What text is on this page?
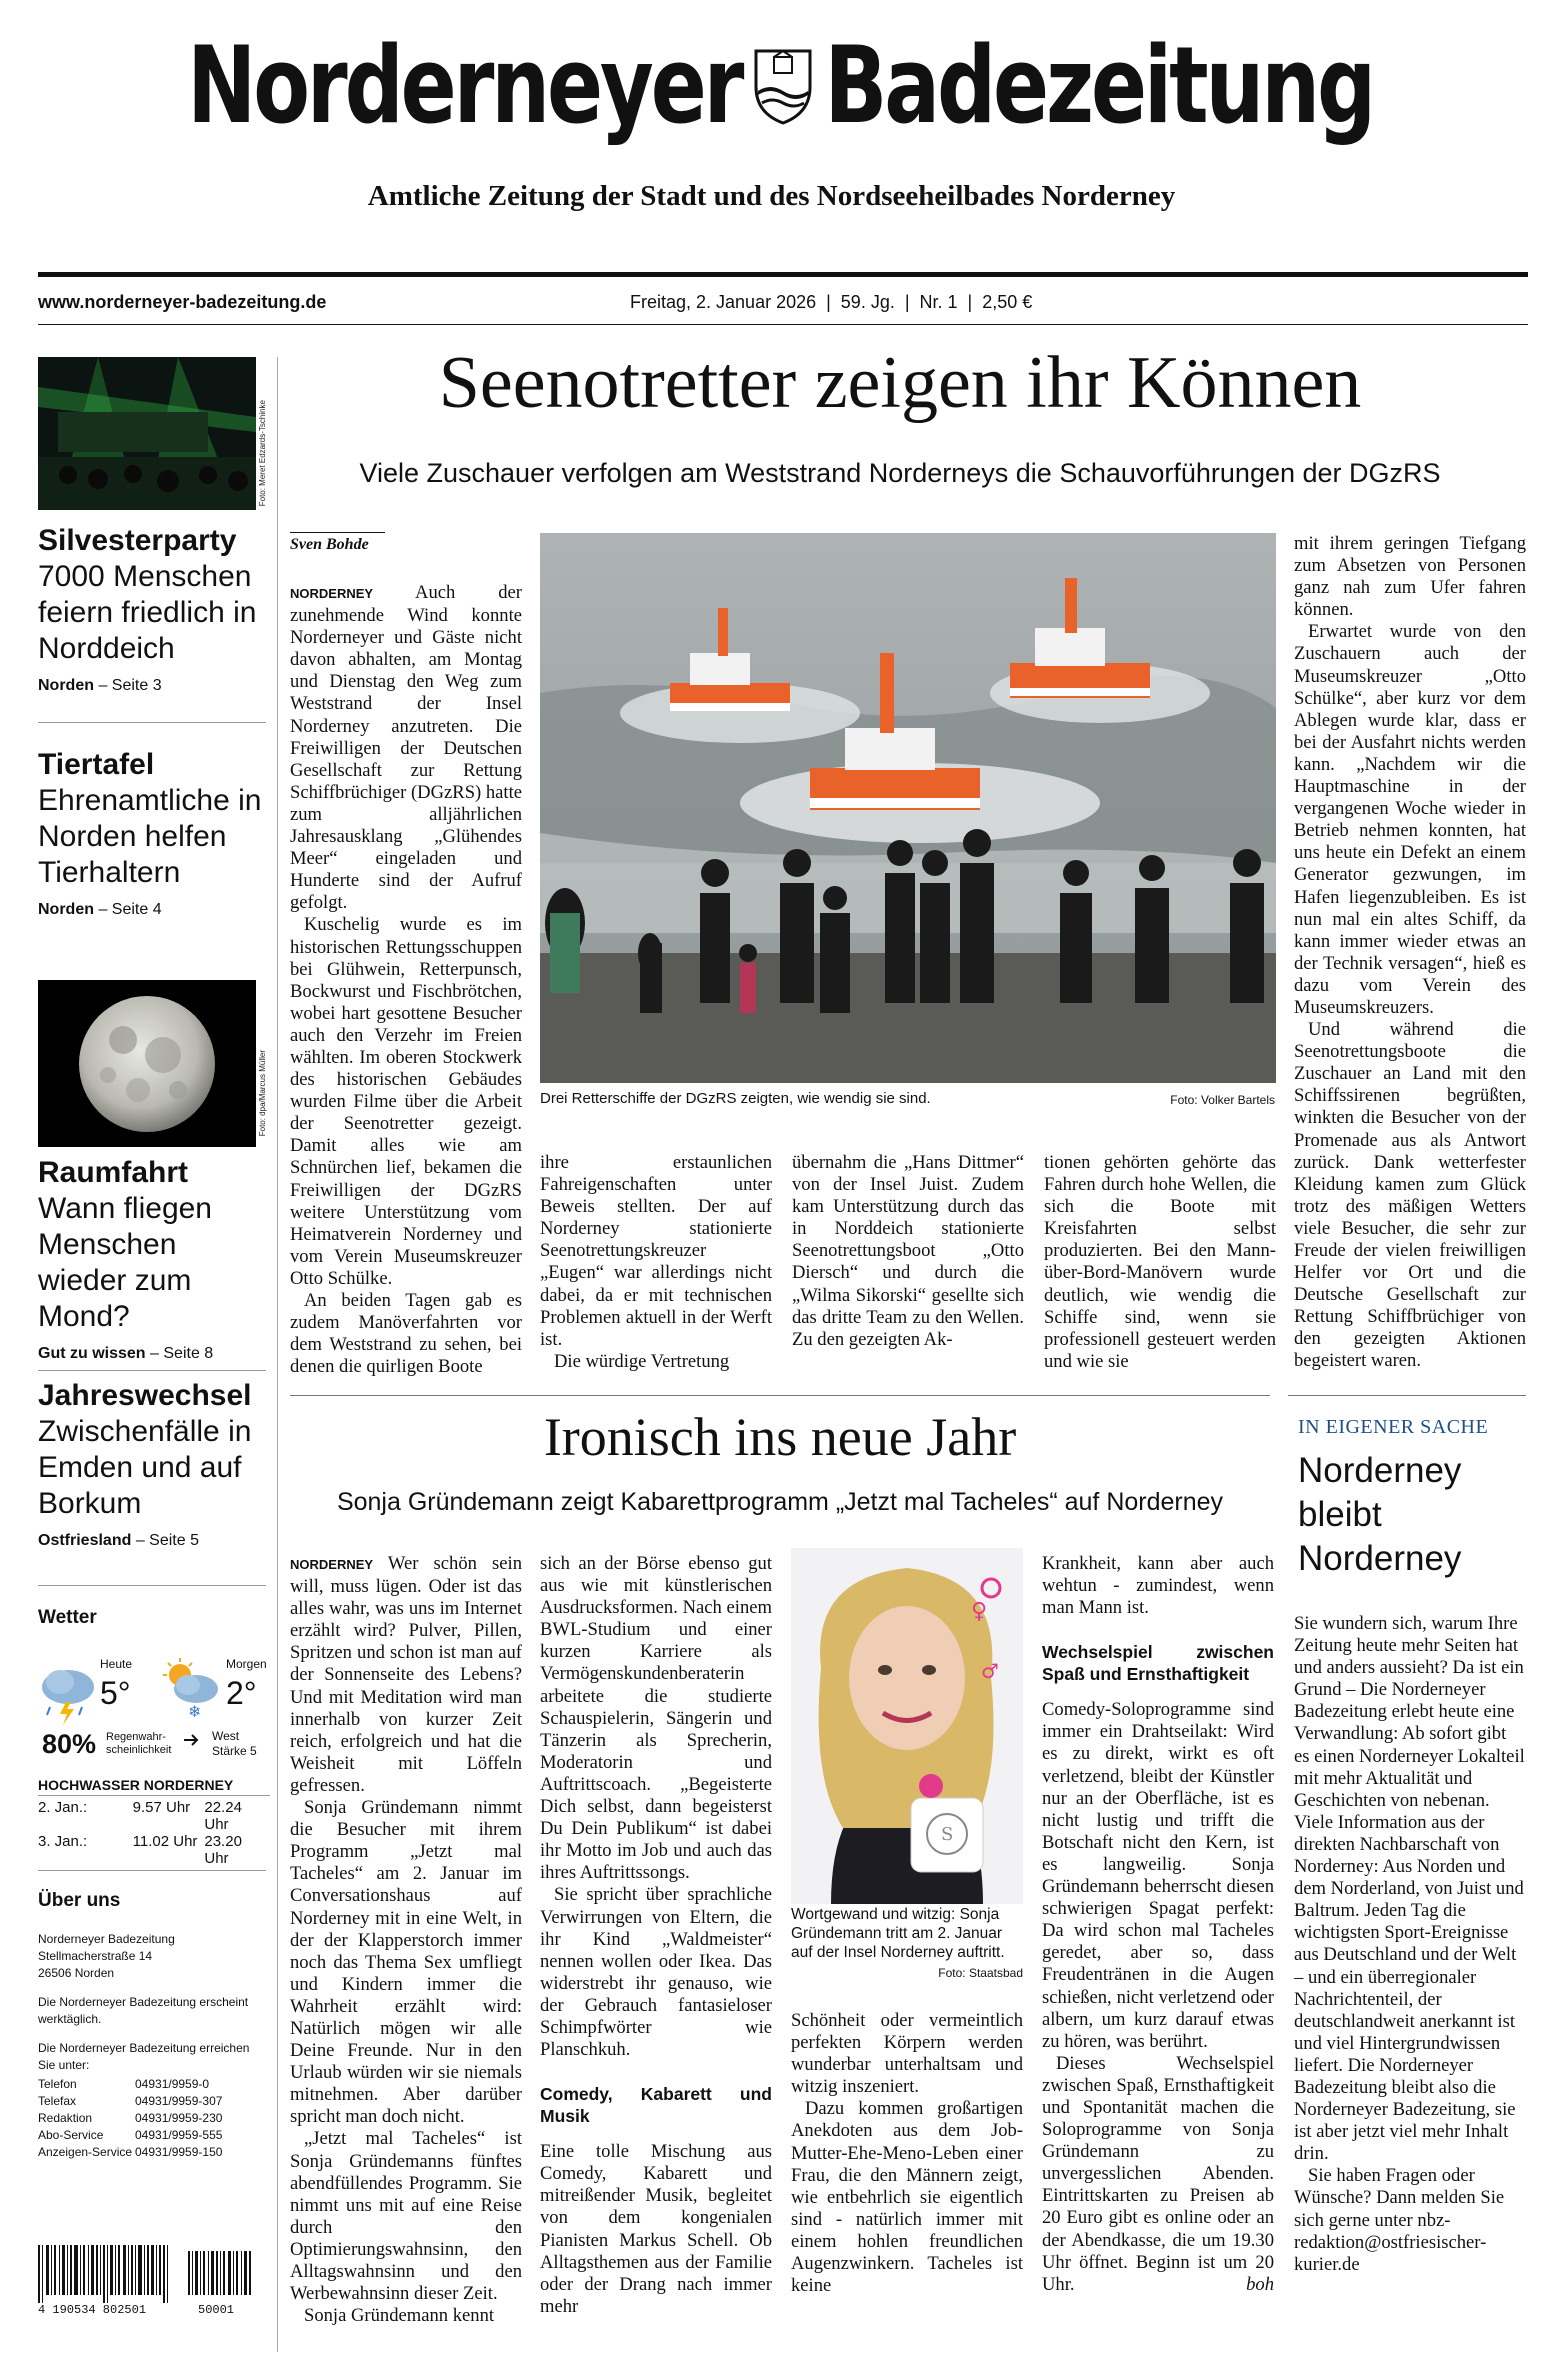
Norderneyer Badezeitung
Amtliche Zeitung der Stadt und des Nordseeheilbades Norderney
www.norderneyer-badezeitung.de	Freitag, 2. Januar 2026  |  59. Jg.  |  Nr. 1  |  2,50 €
Foto: Meret Edzards-Tschinke
Silvesterparty
7000 Menschen feiern friedlich in Norddeich
Norden – Seite 3
Tiertafel
Ehrenamtliche in Norden helfen Tierhaltern
Norden – Seite 4
Foto: dpa/Marcus Müller
Raumfahrt
Wann fliegen Menschen wieder zum Mond?
Gut zu wissen – Seite 8
Jahreswechsel
Zwischenfälle in Emden und auf Borkum
Ostfriesland – Seite 5
Wetter
Heute
5°
Morgen
❄
2°
80% Regenwahr-scheinlichkeit
West
Stärke 5
HOCHWASSER NORDERNEY
2. Jan.:	9.57 Uhr 22.24 Uhr
3. Jan.:	11.02 Uhr 23.20 Uhr
Über uns
Norderneyer Badezeitung
Stellmacherstraße 14
26506 Norden
Die Norderneyer Badezeitung erscheint werktäglich.
Die Norderneyer Badezeitung erreichen Sie unter:
Telefon	04931/9959-0
Telefax	04931/9959-307
Redaktion	04931/9959-230
Abo-Service	04931/9959-555
Anzeigen-Service 04931/9959-150
4 190534 802501	50001
Seenotretter zeigen ihr Können
Viele Zuschauer verfolgen am Weststrand Norderneys die Schauvorführungen der DGzRS
Sven Bohde

NORDERNEY Auch der zunehmende Wind konnte Norderneyer und Gäste nicht davon abhalten, am Montag und Dienstag den Weg zum Weststrand der Insel Norderney anzutreten. Die Freiwilligen der Deutschen Gesellschaft zur Rettung Schiffbrüchiger (DGzRS) hatte zum alljährlichen Jahresausklang „Glühendes Meer“ eingeladen und Hunderte sind der Aufruf gefolgt.

Kuschelig wurde es im historischen Rettungsschuppen bei Glühwein, Retterpunsch, Bockwurst und Fischbrötchen, wobei hart gesottene Besucher auch den Verzehr im Freien wählten. Im oberen Stockwerk des historischen Gebäudes wurden Filme über die Arbeit der Seenotretter gezeigt. Damit alles wie am Schnürchen lief, bekamen die Freiwilligen der DGzRS weitere Unterstützung vom Heimatverein Norderney und vom Verein Museumskreuzer Otto Schülke.

An beiden Tagen gab es zudem Manöverfahrten vor dem Weststrand zu sehen, bei denen die quirligen Boote

Drei Retterschiffe der DGzRS zeigten, wie wendig sie sind.	Foto: Volker Bartels

ihre erstaunlichen Fahreigenschaften unter Beweis stellten. Der auf Norderney stationierte Seenotrettungskreuzer „Eugen“ war allerdings nicht dabei, da er mit technischen Problemen aktuell in der Werft ist.

Die würdige Vertretung

übernahm die „Hans Dittmer“ von der Insel Juist. Zudem kam Unterstützung durch das in Norddeich stationierte Seenotrettungsboot „Otto Diersch“ und durch die „Wilma Sikorski“ gesellte sich das dritte Team zu den Wellen. Zu den gezeigten Ak-

tionen gehörten gehörte das Fahren durch hohe Wellen, die sich die Boote mit Kreisfahrten selbst produzierten. Bei den Mann-über-Bord-Manövern wurde deutlich, wie wendig die Schiffe sind, wenn sie professionell gesteuert werden und wie sie

mit ihrem geringen Tiefgang zum Absetzen von Personen ganz nah zum Ufer fahren können.

Erwartet wurde von den Zuschauern auch der Museumskreuzer „Otto Schülke“, aber kurz vor dem Ablegen wurde klar, dass er bei der Ausfahrt nichts werden kann. „Nachdem wir die Hauptmaschine in der vergangenen Woche wieder in Betrieb nehmen konnten, hat uns heute ein Defekt an einem Generator gezwungen, im Hafen liegenzubleiben. Es ist nun mal ein altes Schiff, da kann immer wieder etwas an der Technik versagen“, hieß es dazu vom Verein des Museumskreuzers.

Und während die Seenotrettungsboote die Zuschauer an Land mit den Schiffssirenen begrüßten, winkten die Besucher von der Promenade aus als Antwort zurück. Dank wetterfester Kleidung kamen zum Glück trotz des mäßigen Wetters viele Besucher, die sehr zur Freude der vielen freiwilligen Helfer vor Ort und die Deutsche Gesellschaft zur Rettung Schiffbrüchiger von den gezeigten Aktionen begeistert waren.

Ironisch ins neue Jahr
Sonja Gründemann zeigt Kabarettprogramm „Jetzt mal Tacheles“ auf Norderney

NORDERNEY Wer schön sein will, muss lügen. Oder ist das alles wahr, was uns im Internet erzählt wird? Pulver, Pillen, Spritzen und schon ist man auf der Sonnenseite des Lebens? Und mit Meditation wird man innerhalb von kurzer Zeit reich, erfolgreich und hat die Weisheit mit Löffeln gefressen.

Sonja Gründemann nimmt die Besucher mit ihrem Programm „Jetzt mal Tacheles“ am 2. Januar im Conversationshaus auf Norderney mit in eine Welt, in der der Klapperstorch immer noch das Thema Sex umfliegt und Kindern immer die Wahrheit erzählt wird: Natürlich mögen wir alle Deine Freunde. Nur in den Urlaub würden wir sie niemals mitnehmen. Aber darüber spricht man doch nicht.

„Jetzt mal Tacheles“ ist Sonja Gründemanns fünftes abendfüllendes Programm. Sie nimmt uns mit auf eine Reise durch den Optimierungswahnsinn, den Alltagswahnsinn und den Werbewahnsinn dieser Zeit.

Sonja Gründemann kennt

sich an der Börse ebenso gut aus wie mit künstlerischen Ausdrucksformen. Nach einem BWL-Studium und einer kurzen Karriere als Vermögenskundenberaterin arbeitete die studierte Schauspielerin, Sängerin und Tänzerin als Sprecherin, Moderatorin und Auftrittscoach. „Begeisterte Dich selbst, dann begeisterst Du Dein Publikum“ ist dabei ihr Motto im Job und auch das ihres Auftrittssongs.

Sie spricht über sprachliche Verwirrungen von Eltern, die ihr Kind „Waldmeister“ nennen wollen oder Ikea. Das widerstrebt ihr genauso, wie der Gebrauch fantasieloser Schimpfwörter wie Planschkuh.

Comedy, Kabarett und Musik

Eine tolle Mischung aus Comedy, Kabarett und mitreißender Musik, begleitet von dem kongenialen Pianisten Markus Schell. Ob Alltagsthemen aus der Familie oder der Drang nach immer mehr

S
♀
♂
Wortgewand und witzig: Sonja Gründemann tritt am 2. Januar auf der Insel Norderney auftritt.
Foto: Staatsbad

Schönheit oder vermeintlich perfekten Körpern werden wunderbar unterhaltsam und witzig inszeniert.

Dazu kommen großartigen Anekdoten aus dem Job-Mutter-Ehe-Meno-Leben einer Frau, die den Männern zeigt, wie entbehrlich sie eigentlich sind - natürlich immer mit einem hohlen freundlichen Augenzwinkern. Tacheles ist keine

Krankheit, kann aber auch wehtun - zumindest, wenn man Mann ist.

Wechselspiel zwischen Spaß und Ernsthaftigkeit

Comedy-Soloprogramme sind immer ein Drahtseilakt: Wird es zu direkt, wirkt es oft verletzend, bleibt der Künstler nur an der Oberfläche, ist es nicht lustig und trifft die Botschaft nicht den Kern, ist es langweilig. Sonja Gründemann beherrscht diesen schwierigen Spagat perfekt: Da wird schon mal Tacheles geredet, aber so, dass Freudentränen in die Augen schießen, nicht verletzend oder albern, um kurz darauf etwas zu hören, was berührt.

Dieses Wechselspiel zwischen Spaß, Ernsthaftigkeit und Spontanität machen die Soloprogramme von Sonja Gründemann zu unvergesslichen Abenden. Eintrittskarten zu Preisen ab 20 Euro gibt es online oder an der Abendkasse, die um 19.30 Uhr öffnet. Beginn ist um 20 Uhr.	boh

IN EIGENER SACHE
Norderney bleibt Norderney

Sie wundern sich, warum Ihre Zeitung heute mehr Seiten hat und anders aussieht? Da ist ein Grund – Die Norderneyer Badezeitung erlebt heute eine Verwandlung: Ab sofort gibt es einen Norderneyer Lokalteil mit mehr Aktualität und Geschichten von nebenan. Viele Information aus der direkten Nachbarschaft von Norderney: Aus Norden und dem Norderland, von Juist und Baltrum. Jeden Tag die wichtigsten Sport-Ereignisse aus Deutschland und der Welt – und ein überregionaler Nachrichtenteil, der deutschlandweit anerkannt ist und viel Hintergrundwissen liefert. Die Norderneyer Badezeitung bleibt also die Norderneyer Badezeitung, sie ist aber jetzt viel mehr Inhalt drin.

Sie haben Fragen oder Wünsche? Dann melden Sie sich gerne unter nbz-redaktion@ostfriesischer-kurier.de
